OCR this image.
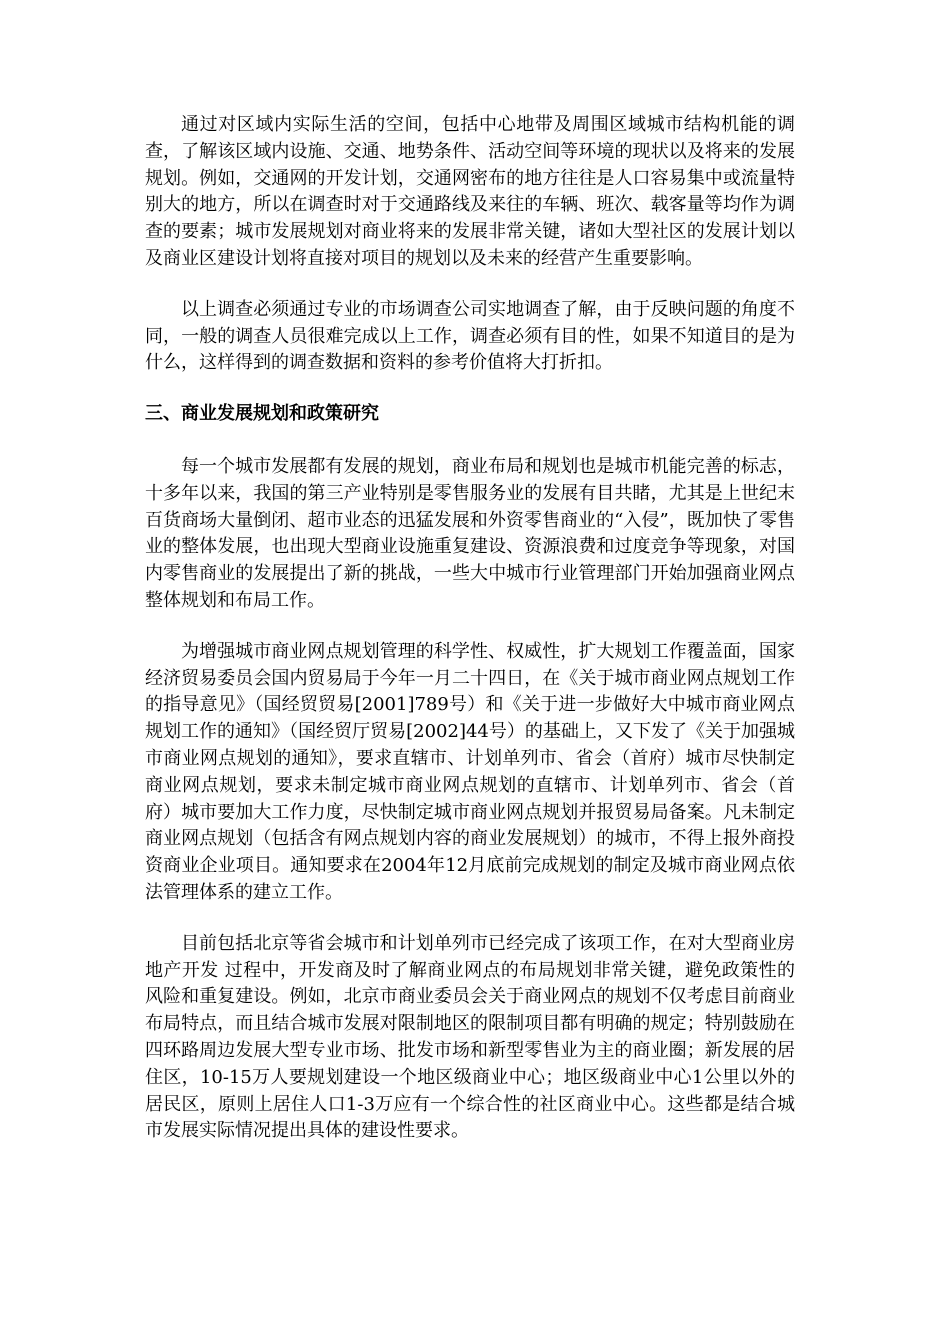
通过对区域内实际生活的空间，包括中心地带及周围区域城市结构机能的调查，了解该区域内设施、交通、地势条件、活动空间等环境的现状以及将来的发展规划。例如，交通网的开发计划，交通网密布的地方往往是人口容易集中或流量特别大的地方，所以在调查时对于交通路线及来往的车辆、班次、载客量等均作为调查的要素；城市发展规划对商业将来的发展非常关键，诸如大型社区的发展计划以及商业区建设计划将直接对项目的规划以及未来的经营产生重要影响。

以上调查必须通过专业的市场调查公司实地调查了解，由于反映问题的角度不同，一般的调查人员很难完成以上工作，调查必须有目的性，如果不知道目的是为什么，这样得到的调查数据和资料的参考价值将大打折扣。

三、商业发展规划和政策研究

每一个城市发展都有发展的规划，商业布局和规划也是城市机能完善的标志，十多年以来，我国的第三产业特别是零售服务业的发展有目共睹，尤其是上世纪末百货商场大量倒闭、超市业态的迅猛发展和外资零售商业的“入侵”，既加快了零售业的整体发展，也出现大型商业设施重复建设、资源浪费和过度竞争等现象，对国内零售商业的发展提出了新的挑战，一些大中城市行业管理部门开始加强商业网点整体规划和布局工作。

为增强城市商业网点规划管理的科学性、权威性，扩大规划工作覆盖面，国家经济贸易委员会国内贸易局于今年一月二十四日，在《关于城市商业网点规划工作的指导意见》（国经贸贸易[2001]789号）和《关于进一步做好大中城市商业网点规划工作的通知》（国经贸厅贸易[2002]44号）的基础上，又下发了《关于加强城市商业网点规划的通知》，要求直辖市、计划单列市、省会（首府）城市尽快制定商业网点规划，要求未制定城市商业网点规划的直辖市、计划单列市、省会（首府）城市要加大工作力度，尽快制定城市商业网点规划并报贸易局备案。凡未制定商业网点规划（包括含有网点规划内容的商业发展规划）的城市，不得上报外商投资商业企业项目。通知要求在2004年12月底前完成规划的制定及城市商业网点依法管理体系的建立工作。

目前包括北京等省会城市和计划单列市已经完成了该项工作，在对大型商业房地产开发 过程中，开发商及时了解商业网点的布局规划非常关键，避免政策性的风险和重复建设。例如，北京市商业委员会关于商业网点的规划不仅考虑目前商业布局特点，而且结合城市发展对限制地区的限制项目都有明确的规定；特别鼓励在四环路周边发展大型专业市场、批发市场和新型零售业为主的商业圈；新发展的居住区，10-15万人要规划建设一个地区级商业中心；地区级商业中心1公里以外的居民区，原则上居住人口1-3万应有一个综合性的社区商业中心。这些都是结合城市发展实际情况提出具体的建设性要求。
